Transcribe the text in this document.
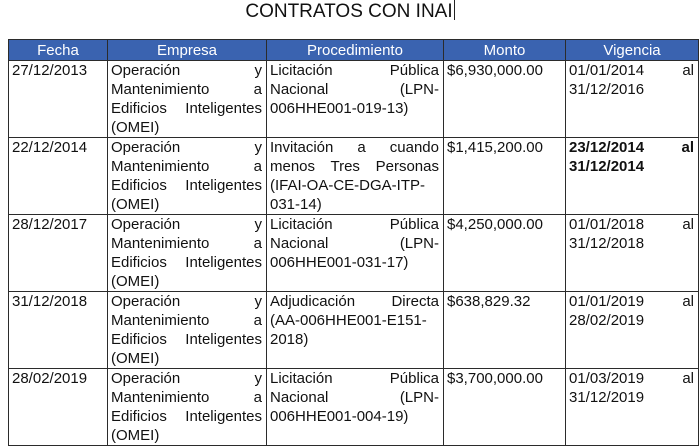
CONTRATOS CON INAI
Fecha	Empresa	Procedimiento	Monto	Vigencia
27/12/2013	Operación y Mantenimiento a Edificios Inteligentes (OMEI)	Licitación Pública Nacional (LPN-006HHE001-019-13)	$6,930,000.00	01/01/2014 al 31/12/2016
22/12/2014	Operación y Mantenimiento a Edificios Inteligentes (OMEI)	Invitación a cuando menos Tres Personas (IFAI-OA-CE-DGA-ITP-031-14)	$1,415,200.00	23/12/2014 al 31/12/2014
28/12/2017	Operación y Mantenimiento a Edificios Inteligentes (OMEI)	Licitación Pública Nacional (LPN-006HHE001-031-17)	$4,250,000.00	01/01/2018 al 31/12/2018
31/12/2018	Operación y Mantenimiento a Edificios Inteligentes (OMEI)	Adjudicación Directa (AA-006HHE001-E151-2018)	$638,829.32	01/01/2019 al 28/02/2019
28/02/2019	Operación y Mantenimiento a Edificios Inteligentes (OMEI)	Licitación Pública Nacional (LPN-006HHE001-004-19)	$3,700,000.00	01/03/2019 al 31/12/2019
